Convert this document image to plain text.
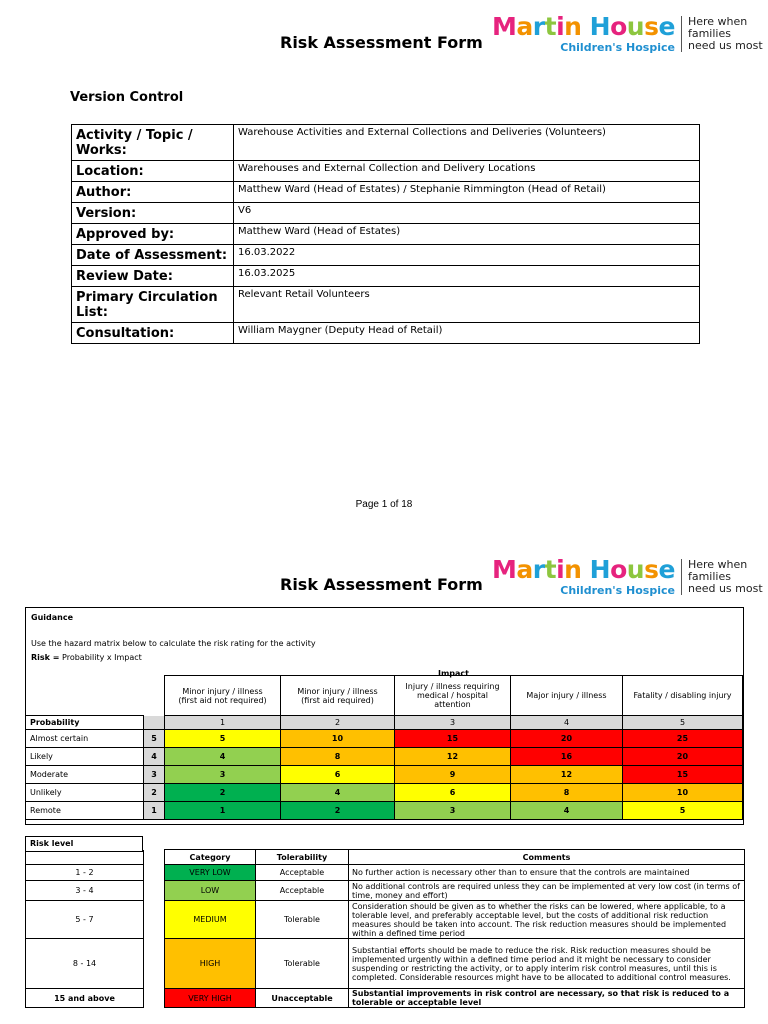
Risk Assessment Form
Martin House
Children's Hospice
Here when
families
need us most
Version Control
Activity / Topic / Works:	Warehouse Activities and External Collections and Deliveries (Volunteers)
Location:	Warehouses and External Collection and Delivery Locations
Author:	Matthew Ward (Head of Estates) / Stephanie Rimmington (Head of Retail)
Version:	V6
Approved by:	Matthew Ward (Head of Estates)
Date of Assessment:	16.03.2022
Review Date:	16.03.2025
Primary Circulation List:	Relevant Retail Volunteers
Consultation:	William Maygner (Deputy Head of Retail)
Page 1 of 18
Risk Assessment Form
Martin House
Children's Hospice
Here when
families
need us most
Guidance
Use the hazard matrix below to calculate the risk rating for the activity
Risk = Probability x Impact

		Impact				

		Minor injury / illness (first aid not required)	Minor injury / illness (first aid required)	Injury / illness requiring medical / hospital attention	Major injury / illness	Fatality / disabling injury
Probability		1	2	3	4	5
Almost certain	5	5	10	15	20	25
Likely	4	4	8	12	16	20
Moderate	3	3	6	9	12	15
Unlikely	2	2	4	6	8	10
Remote	1	1	2	3	4	5
Risk level

		Category	Tolerability	Comments
1 - 2		VERY LOW	Acceptable	No further action is necessary other than to ensure that the controls are maintained
3 - 4		LOW	Acceptable	No additional controls are required unless they can be implemented at very low cost (in terms of time, money and effort)
5 - 7		MEDIUM	Tolerable	Consideration should be given as to whether the risks can be lowered, where applicable, to a tolerable level, and preferably acceptable level, but the costs of additional risk reduction measures should be taken into account. The risk reduction measures should be implemented within a defined time period
8 - 14		HIGH	Tolerable	Substantial efforts should be made to reduce the risk. Risk reduction measures should be implemented urgently within a defined time period and it might be necessary to consider suspending or restricting the activity, or to apply interim risk control measures, until this is completed. Considerable resources might have to be allocated to additional control measures.
15 and above		VERY HIGH	Unacceptable	Substantial improvements in risk control are necessary, so that risk is reduced to a tolerable or acceptable level
